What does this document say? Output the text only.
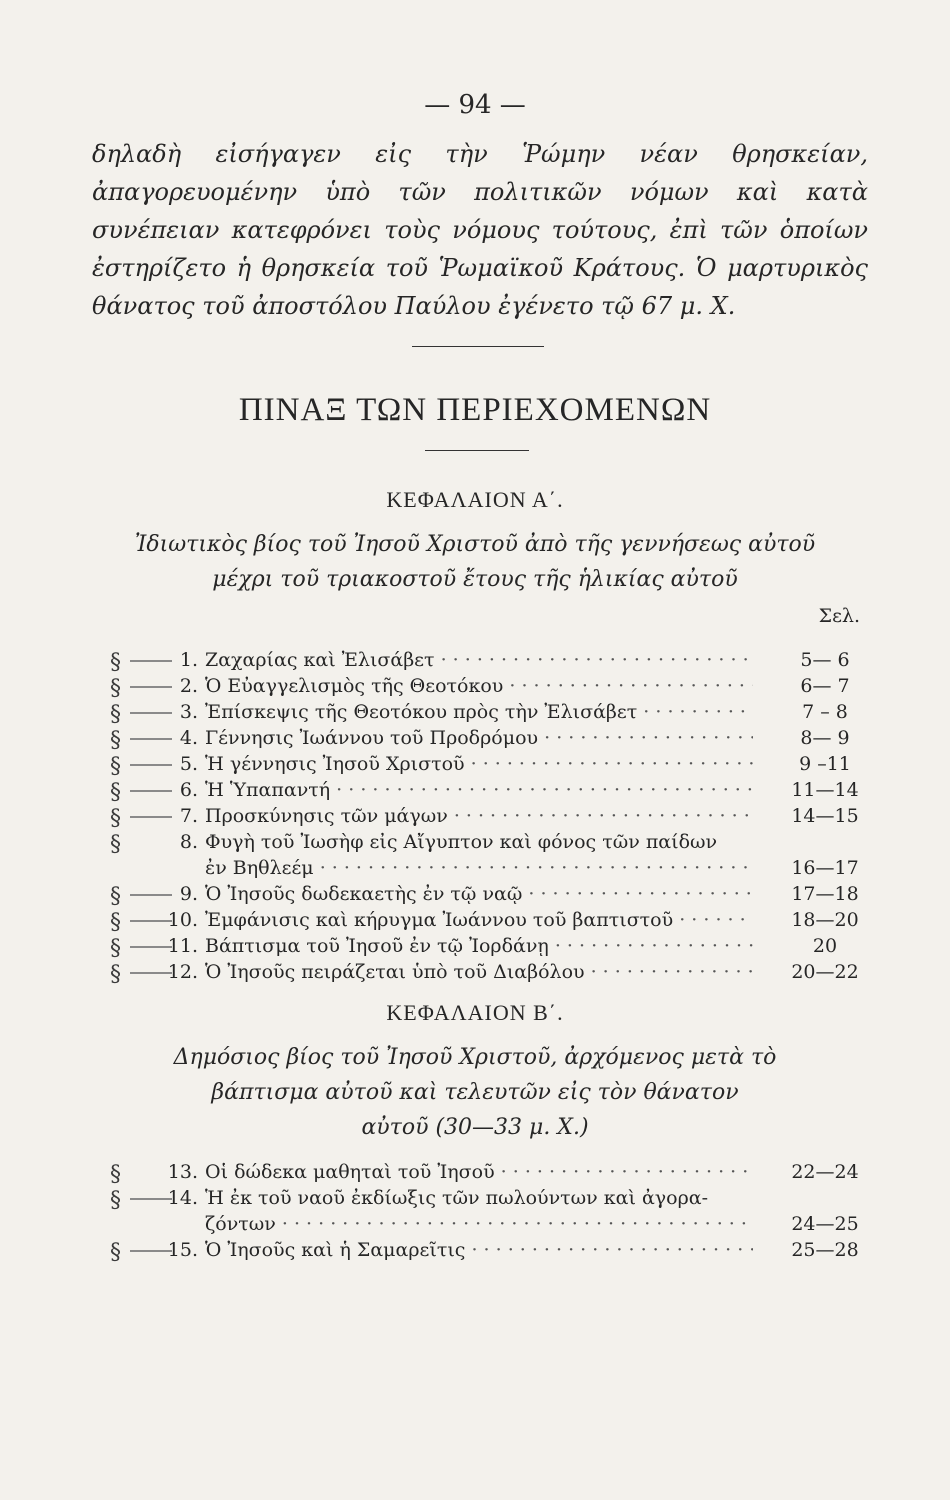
— 94 —
δηλαδὴ εἰσήγαγεν εἰς τὴν Ῥώμην νέαν θρησκείαν, ἀπαγορευομένην ὑπὸ τῶν πολιτικῶν νόμων καὶ κατὰ συνέπειαν κατεφρόνει τοὺς νόμους τούτους, ἐπὶ τῶν ὁποίων ἐστηρίζετο ἡ θρησκεία τοῦ Ῥωμαϊκοῦ Κράτους. Ὁ μαρτυρικὸς θάνατος τοῦ ἀποστόλου Παύλου ἐγένετο τῷ 67 μ. Χ.
ΠΙΝΑΞ ΤΩΝ ΠΕΡΙΕΧΟΜΕΝΩΝ
ΚΕΦΑΛΑΙΟΝ Α΄.
Ἰδιωτικὸς βίος τοῦ Ἰησοῦ Χριστοῦ ἀπὸ τῆς γεννήσεως αὐτοῦ
μέχρι τοῦ τριακοστοῦ ἔτους τῆς ἡλικίας αὐτοῦ
Σελ.
§	1. Ζαχαρίας καὶ Ἐλισάβετ · · ·	5— 6
§	2. Ὁ Εὐαγγελισμὸς τῆς Θεοτόκου · · ·	6— 7
§	3. Ἐπίσκεψις τῆς Θεοτόκου πρὸς τὴν Ἐλισάβετ · · ·	7 – 8
§	4. Γέννησις Ἰωάννου τοῦ Προδρόμου · · ·	8— 9
§	5. Ἡ γέννησις Ἰησοῦ Χριστοῦ · · ·	9 –11
§	6. Ἡ Ὑπαπαντή · · ·	11—14
§	7. Προσκύνησις τῶν μάγων · · ·	14—15
§	8. Φυγὴ τοῦ Ἰωσὴφ εἰς Αἴγυπτον καὶ φόνος τῶν παίδων
ἐν Βηθλεέμ · · ·	16—17
§	9. Ὁ Ἰησοῦς δωδεκαετὴς ἐν τῷ ναῷ · · ·	17—18
§	10. Ἐμφάνισις καὶ κήρυγμα Ἰωάννου τοῦ βαπτιστοῦ · · ·	18—20
§	11. Βάπτισμα τοῦ Ἰησοῦ ἐν τῷ Ἰορδάνῃ · · ·	20
§	12. Ὁ Ἰησοῦς πειράζεται ὑπὸ τοῦ Διαβόλου · · ·	20—22
ΚΕΦΑΛΑΙΟΝ Β΄.
Δημόσιος βίος τοῦ Ἰησοῦ Χριστοῦ, ἀρχόμενος μετὰ τὸ
βάπτισμα αὐτοῦ καὶ τελευτῶν εἰς τὸν θάνατον
αὐτοῦ (30—33 μ. Χ.)
§	13. Οἱ δώδεκα μαθηταὶ τοῦ Ἰησοῦ · · ·	22—24
§	14. Ἡ ἐκ τοῦ ναοῦ ἐκδίωξις τῶν πωλούντων καὶ ἀγορα-
ζόντων · · ·	24—25
§	15. Ὁ Ἰησοῦς καὶ ἡ Σαμαρεῖτις · · ·	25—28
